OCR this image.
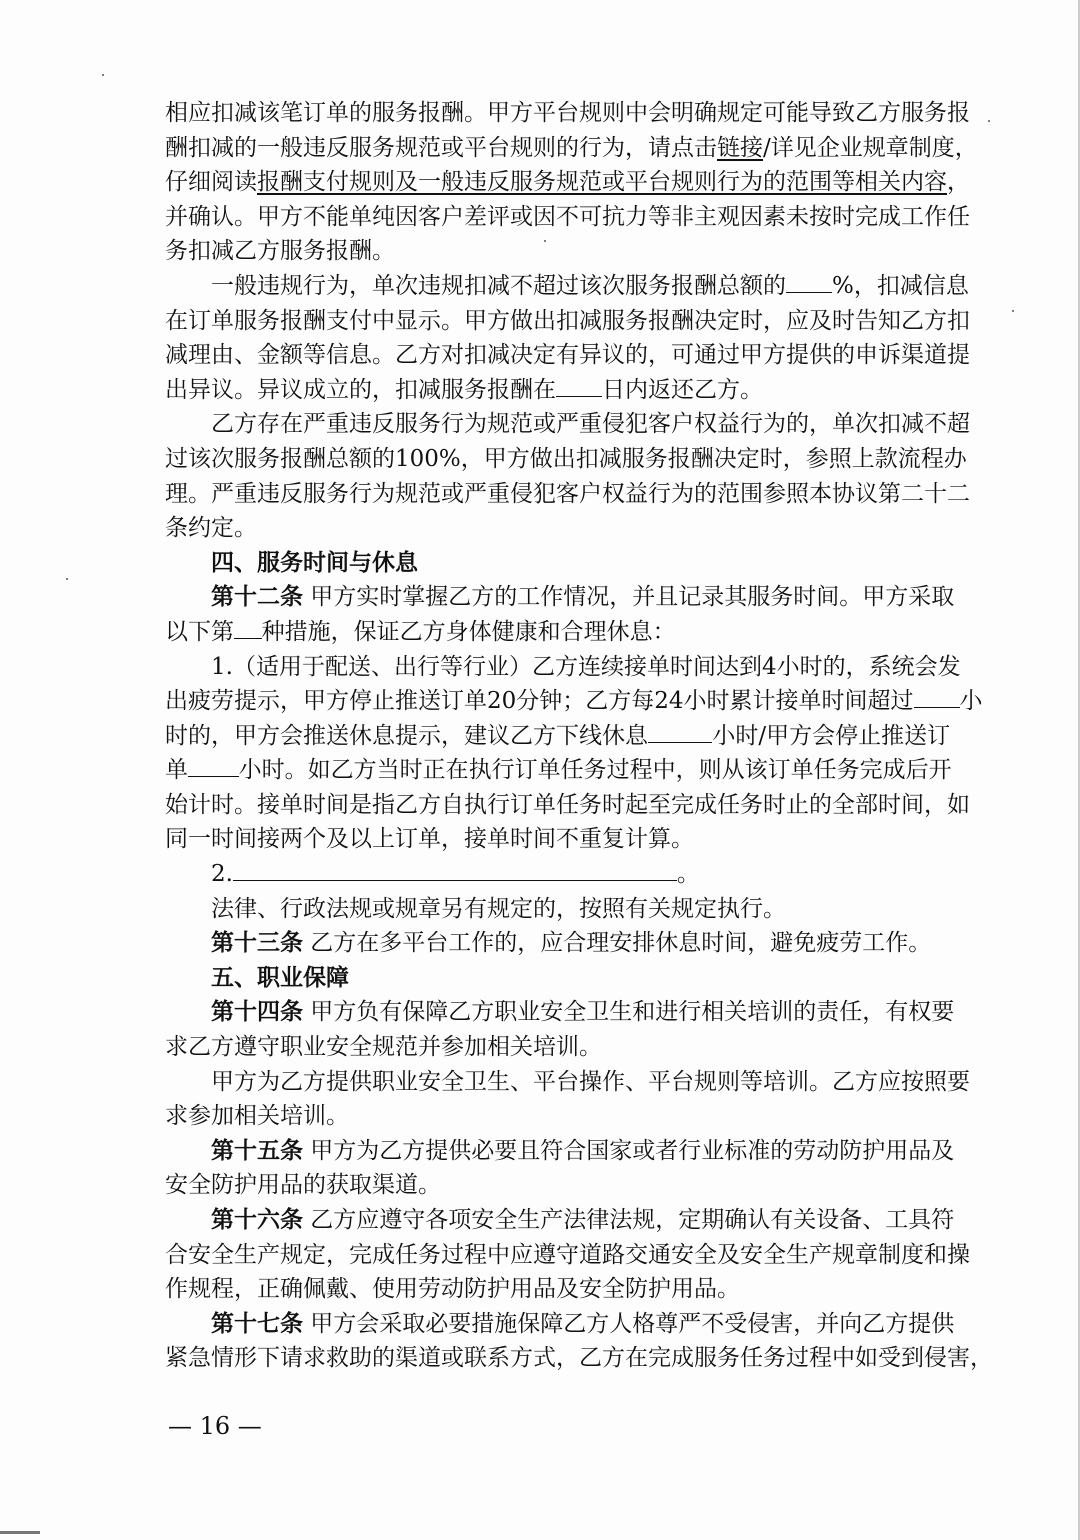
相应扣减该笔订单的服务报酬。甲方平台规则中会明确规定可能导致乙方服务报
酬扣减的一般违反服务规范或平台规则的行为，请点击链接/详见企业规章制度，
仔细阅读报酬支付规则及一般违反服务规范或平台规则行为的范围等相关内容，
并确认。甲方不能单纯因客户差评或因不可抗力等非主观因素未按时完成工作任
务扣减乙方服务报酬。
一般违规行为，单次违规扣减不超过该次服务报酬总额的 %，扣减信息
在订单服务报酬支付中显示。甲方做出扣减服务报酬决定时，应及时告知乙方扣
减理由、金额等信息。乙方对扣减决定有异议的，可通过甲方提供的申诉渠道提
出异议。异议成立的，扣减服务报酬在 日内返还乙方。
乙方存在严重违反服务行为规范或严重侵犯客户权益行为的，单次扣减不超
过该次服务报酬总额的100%，甲方做出扣减服务报酬决定时，参照上款流程办
理。严重违反服务行为规范或严重侵犯客户权益行为的范围参照本协议第二十二
条约定。
四、服务时间与休息
第十二条 甲方实时掌握乙方的工作情况，并且记录其服务时间。甲方采取
以下第 种措施，保证乙方身体健康和合理休息：
1.（适用于配送、出行等行业）乙方连续接单时间达到4小时的，系统会发
出疲劳提示，甲方停止推送订单20分钟；乙方每24小时累计接单时间超过 小
时的，甲方会推送休息提示，建议乙方下线休息	小时/甲方会停止推送订
单 小时。如乙方当时正在执行订单任务过程中，则从该订单任务完成后开
始计时。接单时间是指乙方自执行订单任务时起至完成任务时止的全部时间，如
同一时间接两个及以上订单，接单时间不重复计算。
2.	。
法律、行政法规或规章另有规定的，按照有关规定执行。
第十三条 乙方在多平台工作的，应合理安排休息时间，避免疲劳工作。
五、职业保障
第十四条 甲方负有保障乙方职业安全卫生和进行相关培训的责任，有权要
求乙方遵守职业安全规范并参加相关培训。
甲方为乙方提供职业安全卫生、平台操作、平台规则等培训。乙方应按照要
求参加相关培训。
第十五条 甲方为乙方提供必要且符合国家或者行业标准的劳动防护用品及
安全防护用品的获取渠道。
第十六条 乙方应遵守各项安全生产法律法规，定期确认有关设备、工具符
合安全生产规定，完成任务过程中应遵守道路交通安全及安全生产规章制度和操
作规程，正确佩戴、使用劳动防护用品及安全防护用品。
第十七条 甲方会采取必要措施保障乙方人格尊严不受侵害，并向乙方提供
紧急情形下请求救助的渠道或联系方式，乙方在完成服务任务过程中如受到侵害，
— 16 —
